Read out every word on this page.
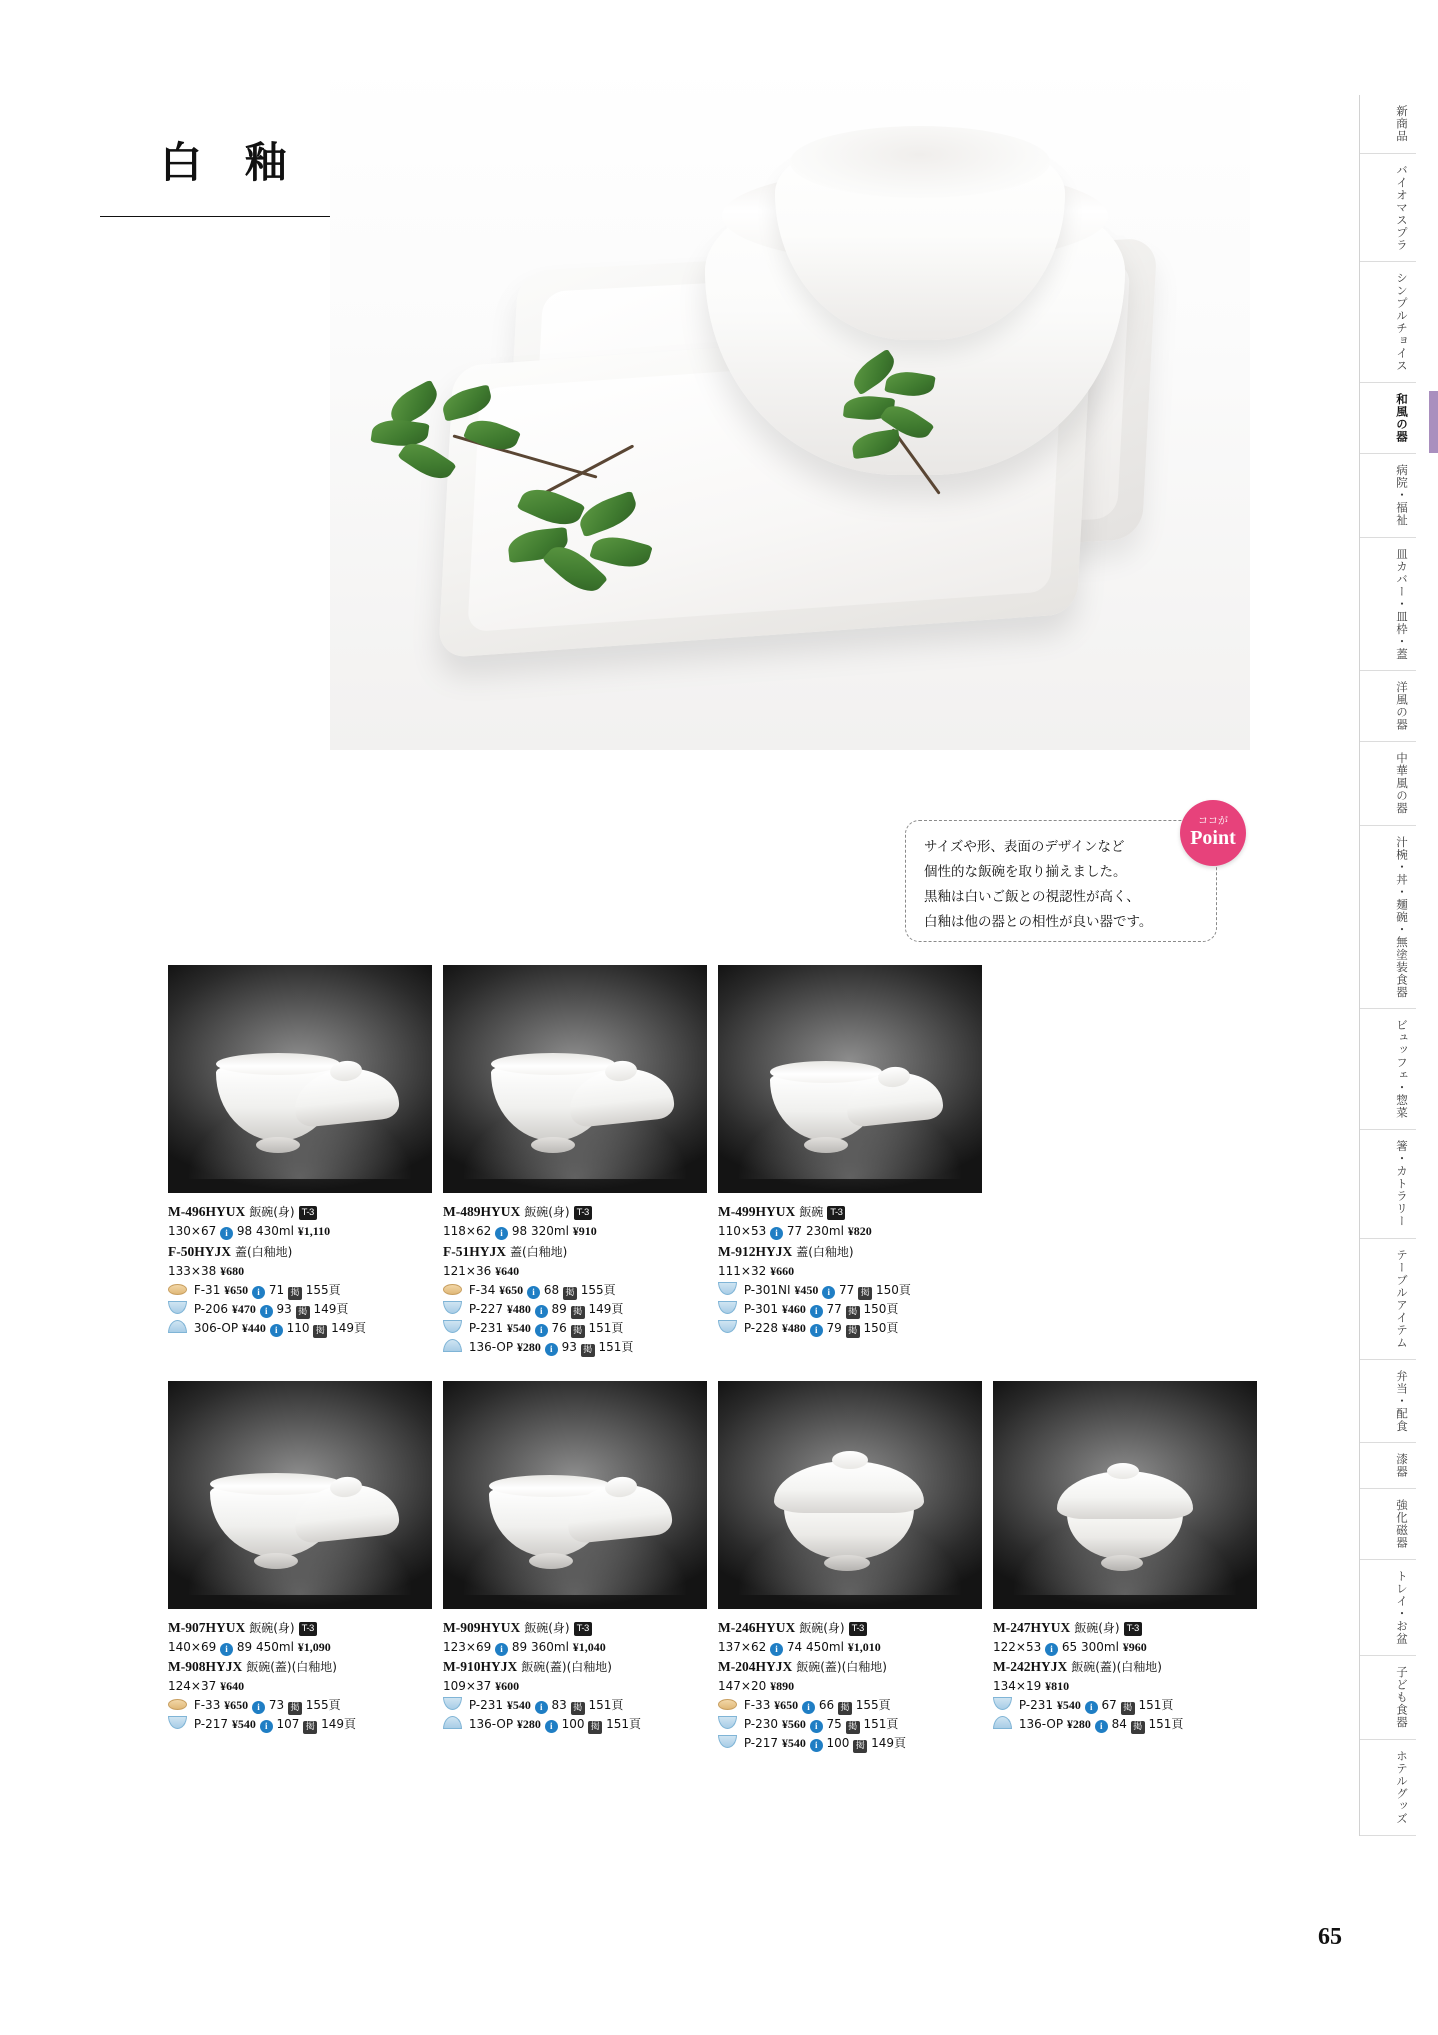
白 釉
サイズや形、表面のデザインなど
個性的な飯碗を取り揃えました。
黒釉は白いご飯との視認性が高く、
白釉は他の器との相性が良い器です。
ココが
Point
新商品
バイオマスプラ
シンプルチョイス
和風の器
病院・福祉
皿カバー・皿枠・蓋
洋風の器
中華風の器
汁椀・丼・麺碗・無塗装食器
ビュッフェ・惣菜
箸・カトラリー
テーブルアイテム
弁当・配食
漆器
強化磁器
トレイ・お盆
子ども食器
ホテルグッズ
M-496HYUX 飯碗(身) T-3
130×67 i 98 430ml ¥1,110
F-50HYJX 蓋(白釉地)
133×38 ¥680
F-31 ¥650 i 71 掲 155頁
P-206 ¥470 i 93 掲 149頁
306-OP ¥440 i 110 掲 149頁
M-489HYUX 飯碗(身) T-3
118×62 i 98 320ml ¥910
F-51HYJX 蓋(白釉地)
121×36 ¥640
F-34 ¥650 i 68 掲 155頁
P-227 ¥480 i 89 掲 149頁
P-231 ¥540 i 76 掲 151頁
136-OP ¥280 i 93 掲 151頁
M-499HYUX 飯碗 T-3
110×53 i 77 230ml ¥820
M-912HYJX 蓋(白釉地)
111×32 ¥660
P-301NI ¥450 i 77 掲 150頁
P-301 ¥460 i 77 掲 150頁
P-228 ¥480 i 79 掲 150頁
M-907HYUX 飯碗(身) T-3
140×69 i 89 450ml ¥1,090
M-908HYJX 飯碗(蓋)(白釉地)
124×37 ¥640
F-33 ¥650 i 73 掲 155頁
P-217 ¥540 i 107 掲 149頁
M-909HYUX 飯碗(身) T-3
123×69 i 89 360ml ¥1,040
M-910HYJX 飯碗(蓋)(白釉地)
109×37 ¥600
P-231 ¥540 i 83 掲 151頁
136-OP ¥280 i 100 掲 151頁
M-246HYUX 飯碗(身) T-3
137×62 i 74 450ml ¥1,010
M-204HYJX 飯碗(蓋)(白釉地)
147×20 ¥890
F-33 ¥650 i 66 掲 155頁
P-230 ¥560 i 75 掲 151頁
P-217 ¥540 i 100 掲 149頁
M-247HYUX 飯碗(身) T-3
122×53 i 65 300ml ¥960
M-242HYJX 飯碗(蓋)(白釉地)
134×19 ¥810
P-231 ¥540 i 67 掲 151頁
136-OP ¥280 i 84 掲 151頁
65
